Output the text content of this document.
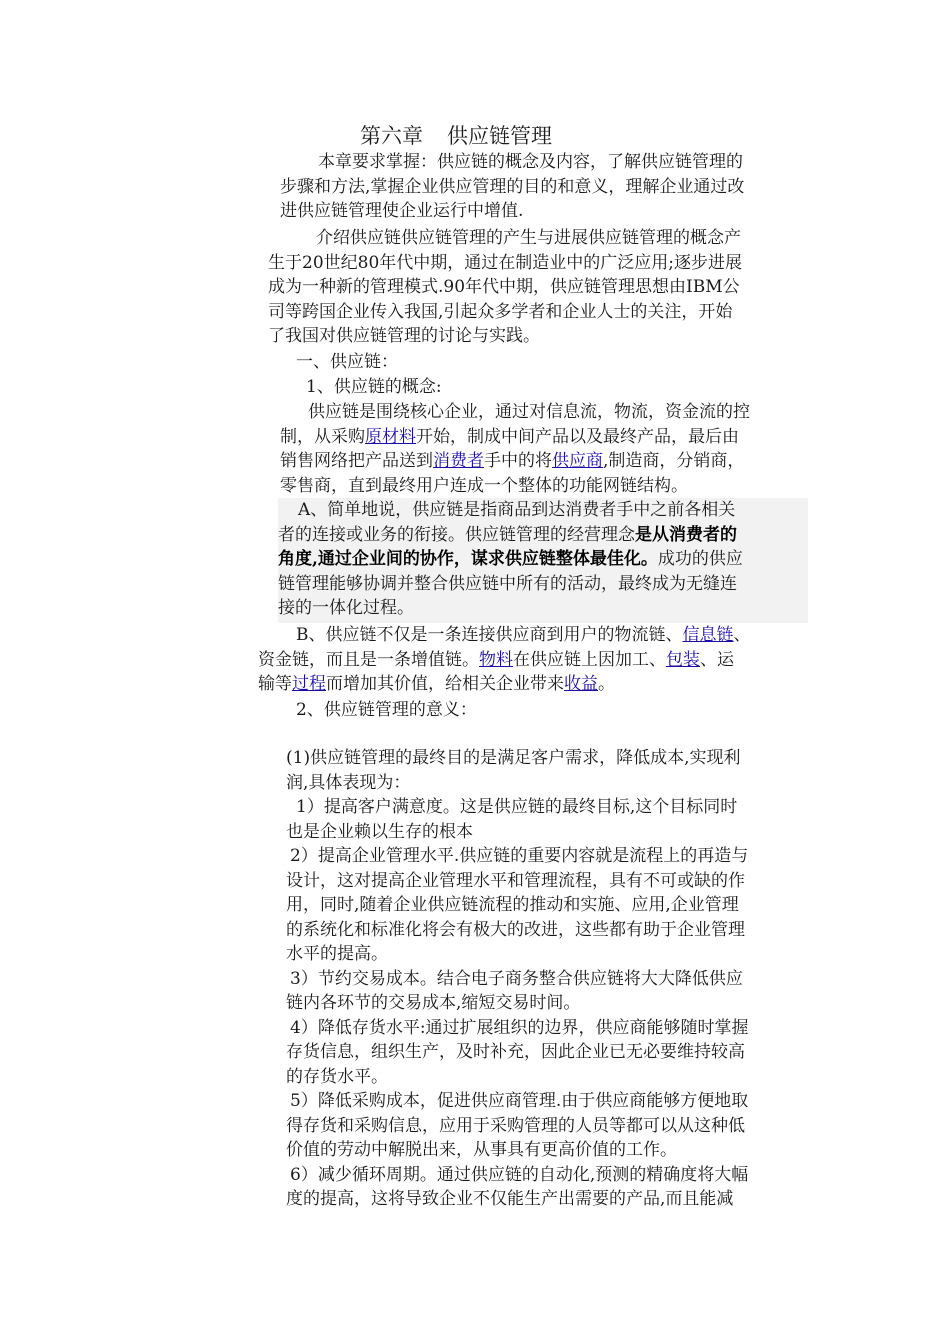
第六章 供应链管理

本章要求掌握：供应链的概念及内容，了解供应链管理的

步骤和方法,掌握企业供应管理的目的和意义，理解企业通过改

进供应链管理使企业运行中增值.

介绍供应链供应链管理的产生与进展供应链管理的概念产

生于20世纪80年代中期，通过在制造业中的广泛应用;逐步进展

成为一种新的管理模式.90年代中期，供应链管理思想由IBM公

司等跨国企业传入我国,引起众多学者和企业人士的关注，开始

了我国对供应链管理的讨论与实践。

一、供应链：
1、供应链的概念:

供应链是围绕核心企业，通过对信息流，物流，资金流的控

制，从采购原材料开始，制成中间产品以及最终产品，最后由

销售网络把产品送到消费者手中的将供应商,制造商，分销商，

零售商，直到最终用户连成一个整体的功能网链结构。

A、简单地说，供应链是指商品到达消费者手中之前各相关

者的连接或业务的衔接。供应链管理的经营理念是从消费者的

角度,通过企业间的协作，谋求供应链整体最佳化。成功的供应

链管理能够协调并整合供应链中所有的活动，最终成为无缝连

接的一体化过程。

B、供应链不仅是一条连接供应商到用户的物流链、信息链、

资金链，而且是一条增值链。物料在供应链上因加工、包装、运

输等过程而增加其价值，给相关企业带来收益。

2、供应链管理的意义：

(1)供应链管理的最终目的是满足客户需求，降低成本,实现利

润,具体表现为：

1）提高客户满意度。这是供应链的最终目标,这个目标同时

也是企业赖以生存的根本

2）提高企业管理水平.供应链的重要内容就是流程上的再造与

设计，这对提高企业管理水平和管理流程，具有不可或缺的作

用，同时,随着企业供应链流程的推动和实施、应用,企业管理

的系统化和标准化将会有极大的改进，这些都有助于企业管理

水平的提高。

3）节约交易成本。结合电子商务整合供应链将大大降低供应

链内各环节的交易成本,缩短交易时间。

4）降低存货水平:通过扩展组织的边界，供应商能够随时掌握

存货信息，组织生产，及时补充，因此企业已无必要维持较高

的存货水平。

5）降低采购成本，促进供应商管理.由于供应商能够方便地取

得存货和采购信息，应用于采购管理的人员等都可以从这种低

价值的劳动中解脱出来，从事具有更高价值的工作。

6）减少循环周期。通过供应链的自动化,预测的精确度将大幅

度的提高，这将导致企业不仅能生产出需要的产品,而且能减
